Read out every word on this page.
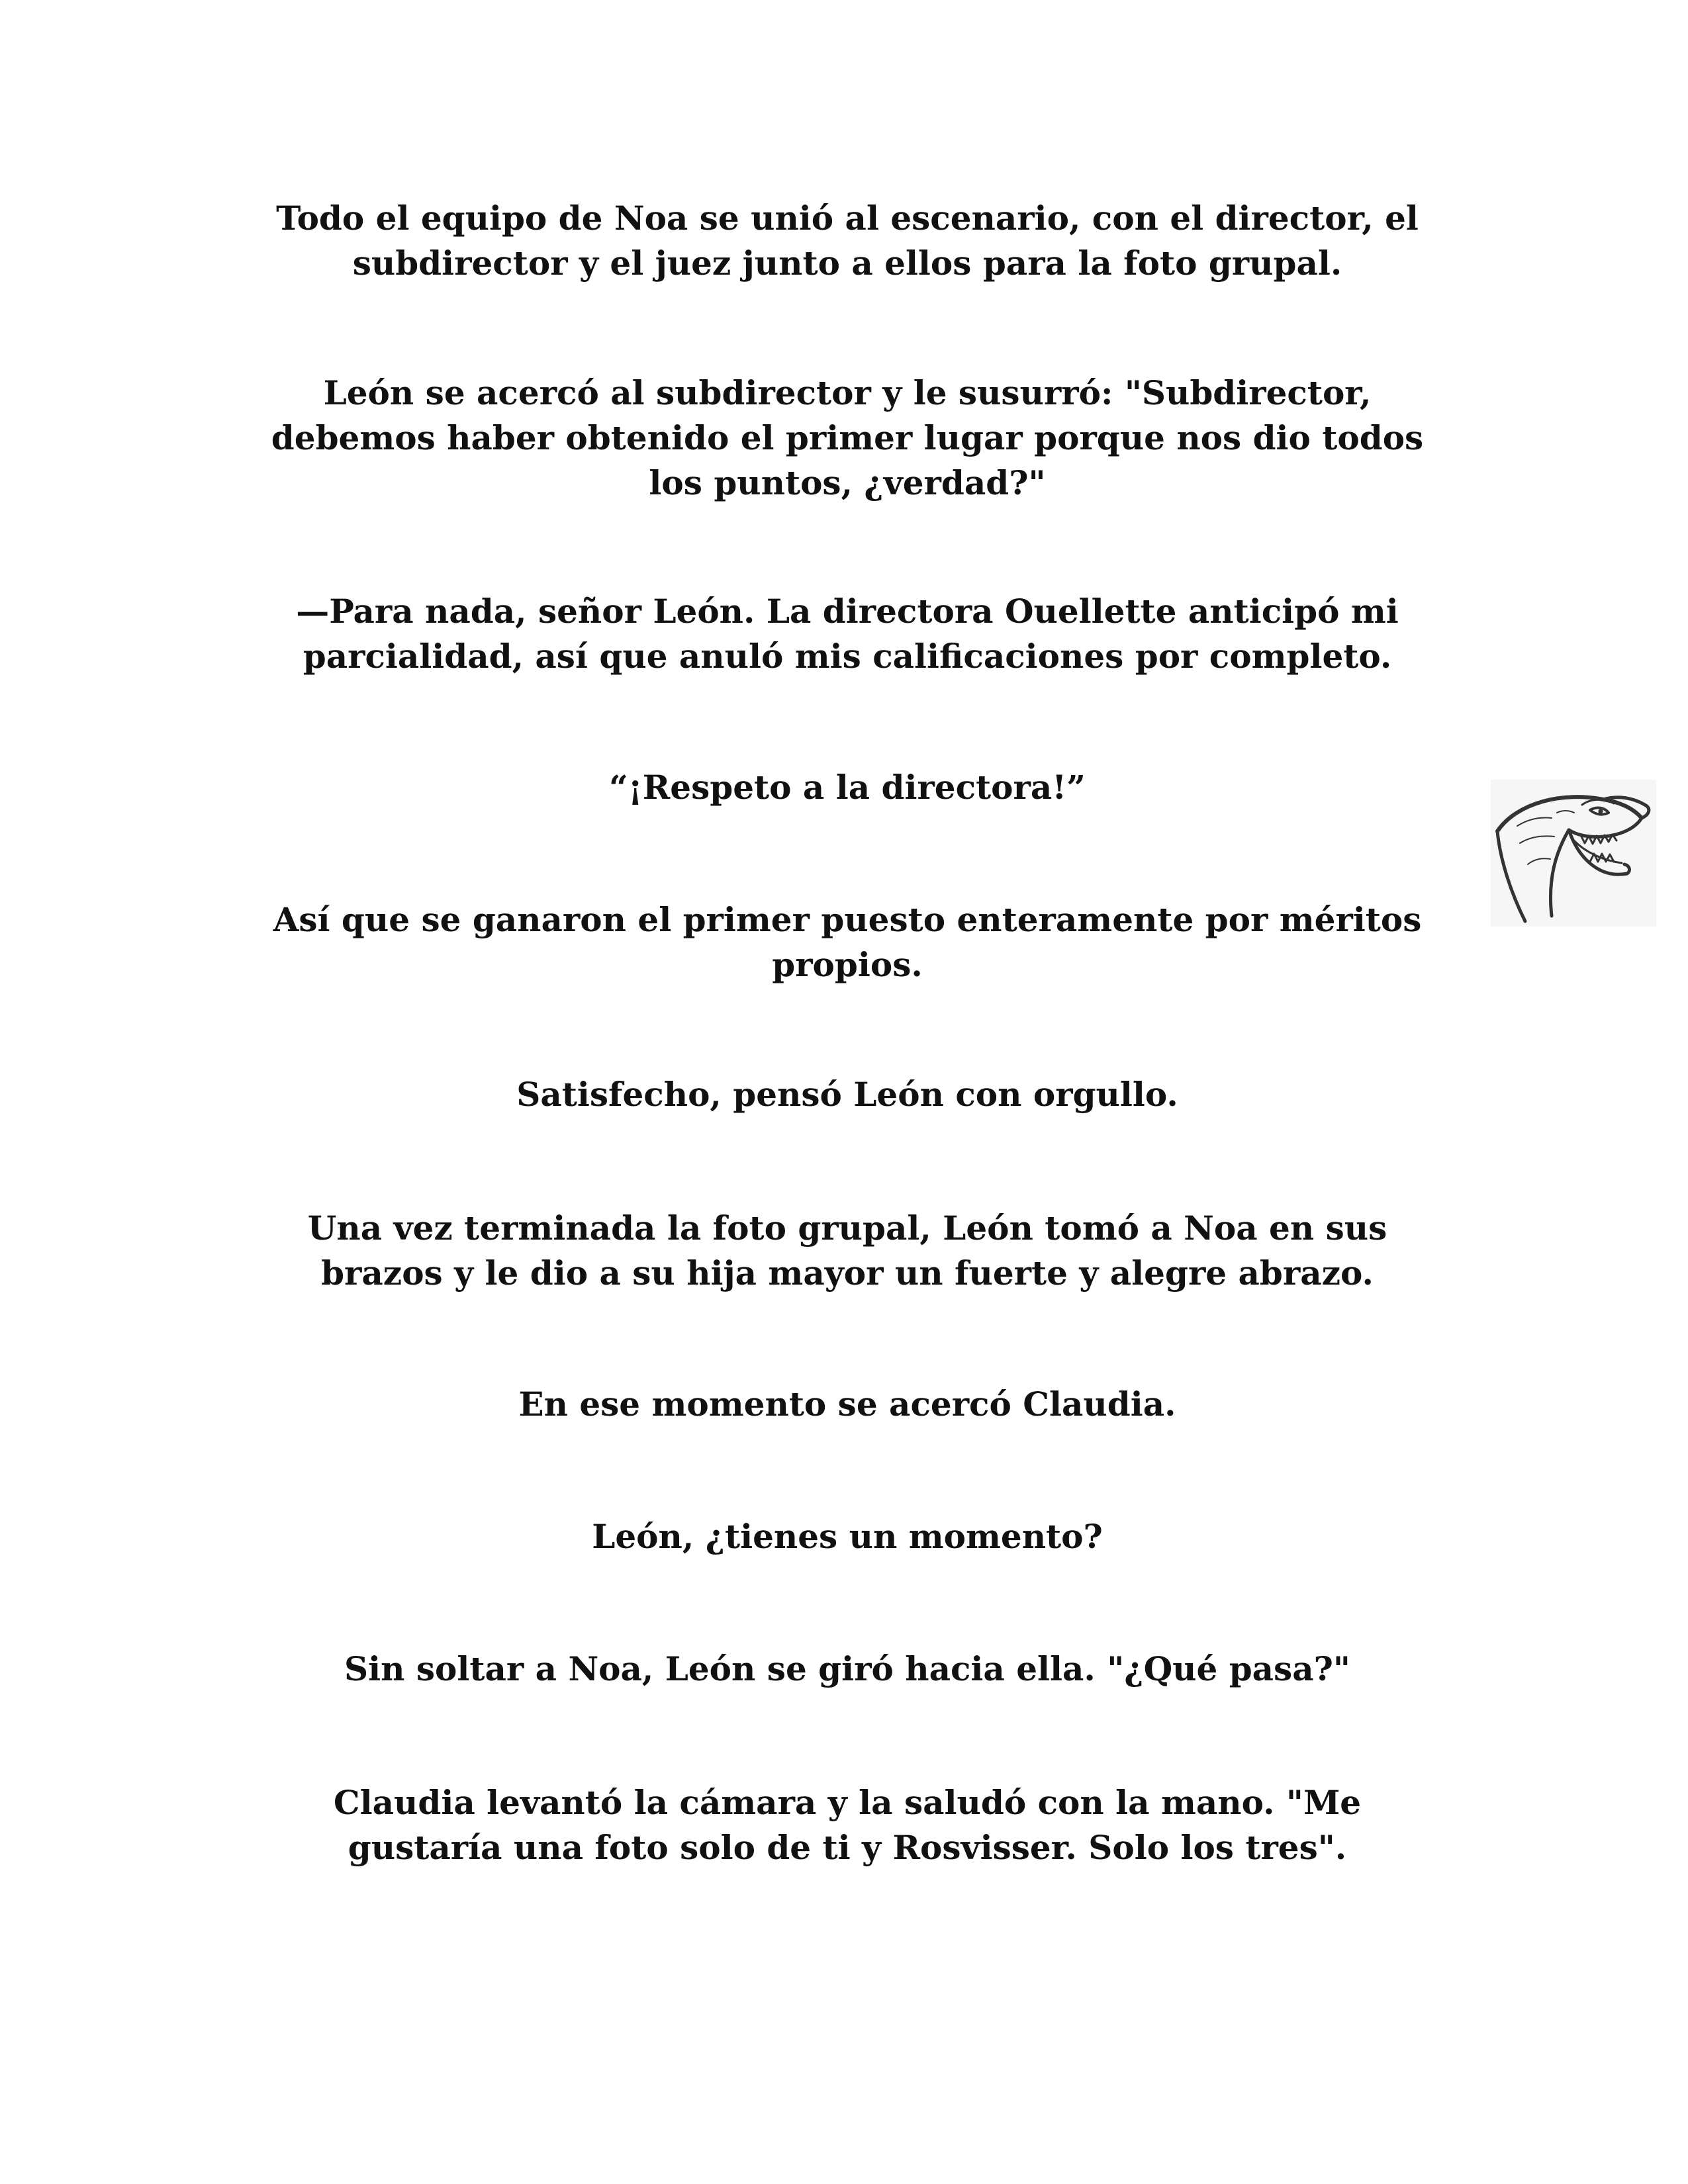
Todo el equipo de Noa se unió al escenario, con el director, el
subdirector y el juez junto a ellos para la foto grupal.

León se acercó al subdirector y le susurró: "Subdirector,
debemos haber obtenido el primer lugar porque nos dio todos
los puntos, ¿verdad?"

—Para nada, señor León. La directora Ouellette anticipó mi
parcialidad, así que anuló mis calificaciones por completo.

“¡Respeto a la directora!”

Así que se ganaron el primer puesto enteramente por méritos
propios.

Satisfecho, pensó León con orgullo.

Una vez terminada la foto grupal, León tomó a Noa en sus
brazos y le dio a su hija mayor un fuerte y alegre abrazo.

En ese momento se acercó Claudia.

León, ¿tienes un momento?

Sin soltar a Noa, León se giró hacia ella. "¿Qué pasa?"

Claudia levantó la cámara y la saludó con la mano. "Me
gustaría una foto solo de ti y Rosvisser. Solo los tres".
